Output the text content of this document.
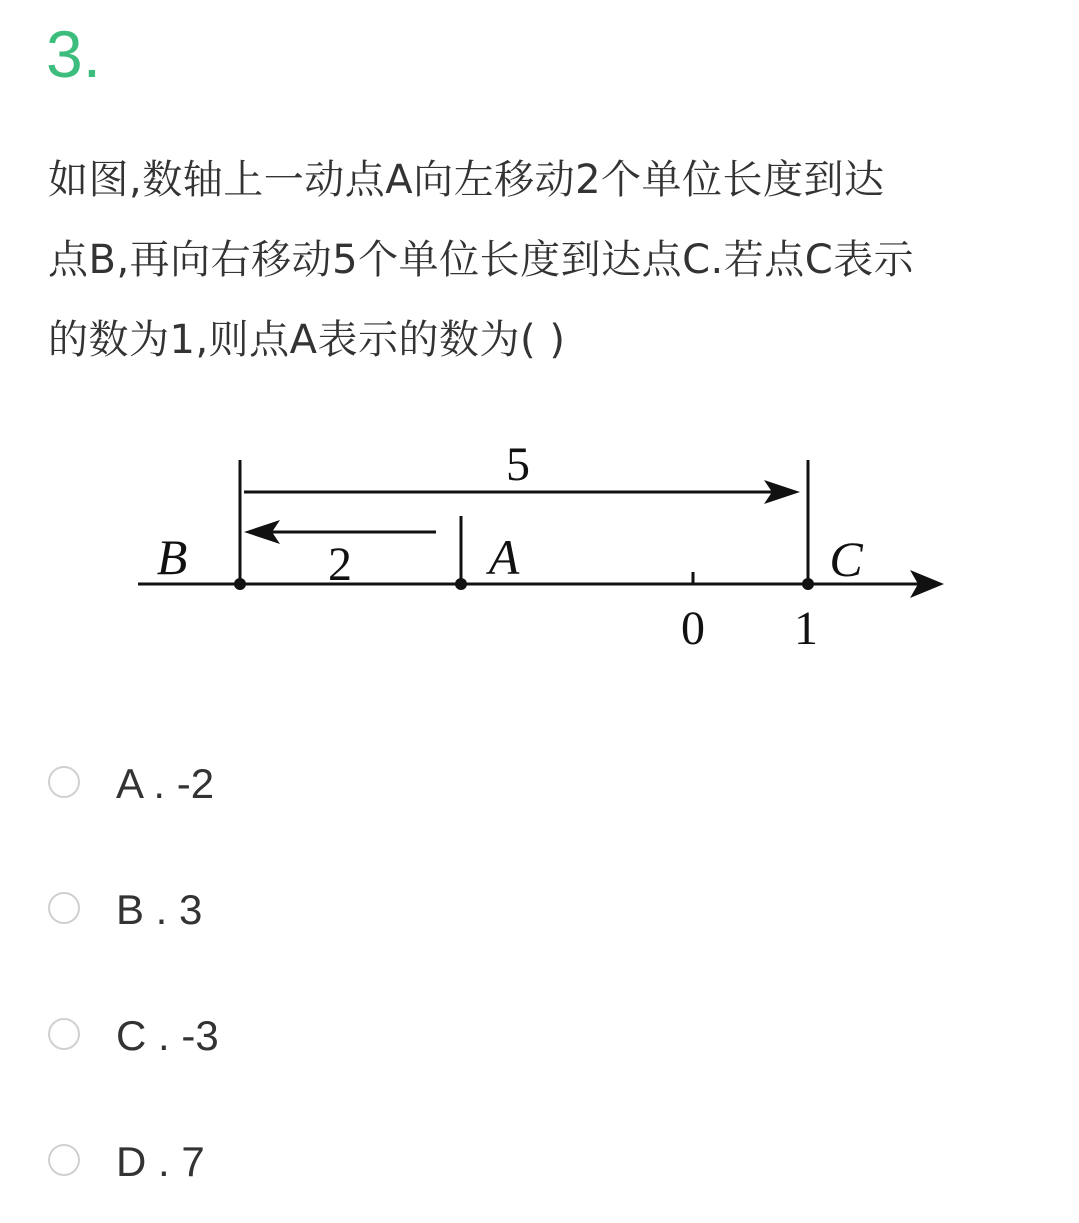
3.
如图,数轴上一动点A向左移动2个单位长度到达
点B,再向右移动5个单位长度到达点C.若点C表示
的数为1,则点A表示的数为( )
5
2
B	A	C
0 1
A . -2
B . 3
C . -3
D . 7
